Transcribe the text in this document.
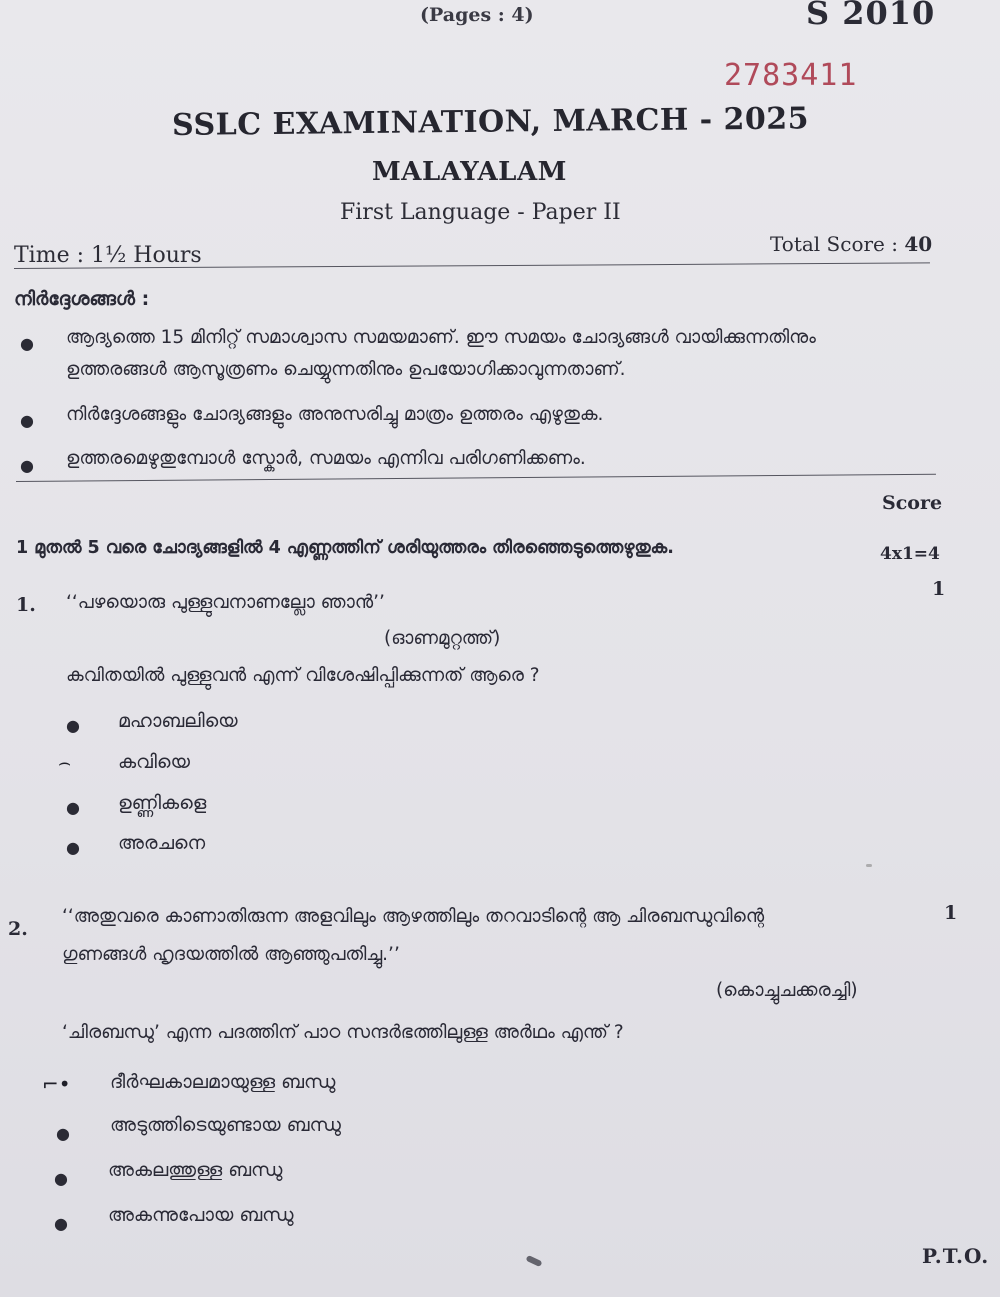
(Pages : 4)	S 2010
2783411
SSLC EXAMINATION, MARCH - 2025
MALAYALAM
First Language - Paper II
Time : 1½ Hours	Total Score : 40
നിർദ്ദേശങ്ങൾ :
● ആദ്യത്തെ 15 മിനിറ്റ് സമാശ്വാസ സമയമാണ്. ഈ സമയം ചോദ്യങ്ങൾ വായിക്കുന്നതിനും
ഉത്തരങ്ങൾ ആസൂത്രണം ചെയ്യുന്നതിനും ഉപയോഗിക്കാവുന്നതാണ്.
● നിർദ്ദേശങ്ങളും ചോദ്യങ്ങളും അനുസരിച്ചു മാത്രം ഉത്തരം എഴുതുക.
● ഉത്തരമെഴുതുമ്പോൾ സ്കോർ, സമയം എന്നിവ പരിഗണിക്കണം.
Score
1 മുതൽ 5 വരെ ചോദ്യങ്ങളിൽ 4 എണ്ണത്തിന് ശരിയുത്തരം തിരഞ്ഞെടുത്തെഴുതുക.	4x1=4
1. ‘‘പഴയൊരു പുള്ളുവനാണല്ലോ ഞാൻ’’
1
(ഓണമുറ്റത്ത്)
കവിതയിൽ പുള്ളുവൻ എന്ന് വിശേഷിപ്പിക്കുന്നത് ആരെ ?
● മഹാബലിയെ
⌢ കവിയെ
● ഉണ്ണികളെ
● അരചനെ
2.
‘‘അതുവരെ കാണാതിരുന്ന അളവിലും ആഴത്തിലും തറവാടിന്റെ ആ ചിരബന്ധുവിന്റെ	1
ഗുണങ്ങൾ ഹൃദയത്തിൽ ആഞ്ഞുപതിച്ചു.’’
(കൊച്ചുചക്കരച്ചി)
‘ചിരബന്ധു’ എന്ന പദത്തിന് പാഠ സന്ദർഭത്തിലുള്ള അർഥം എന്ത് ?
⌐• ദീർഘകാലമായുള്ള ബന്ധു
● അടുത്തിടെയുണ്ടായ ബന്ധു
● അകലത്തുള്ള ബന്ധു
● അകന്നുപോയ ബന്ധു
P.T.O.
